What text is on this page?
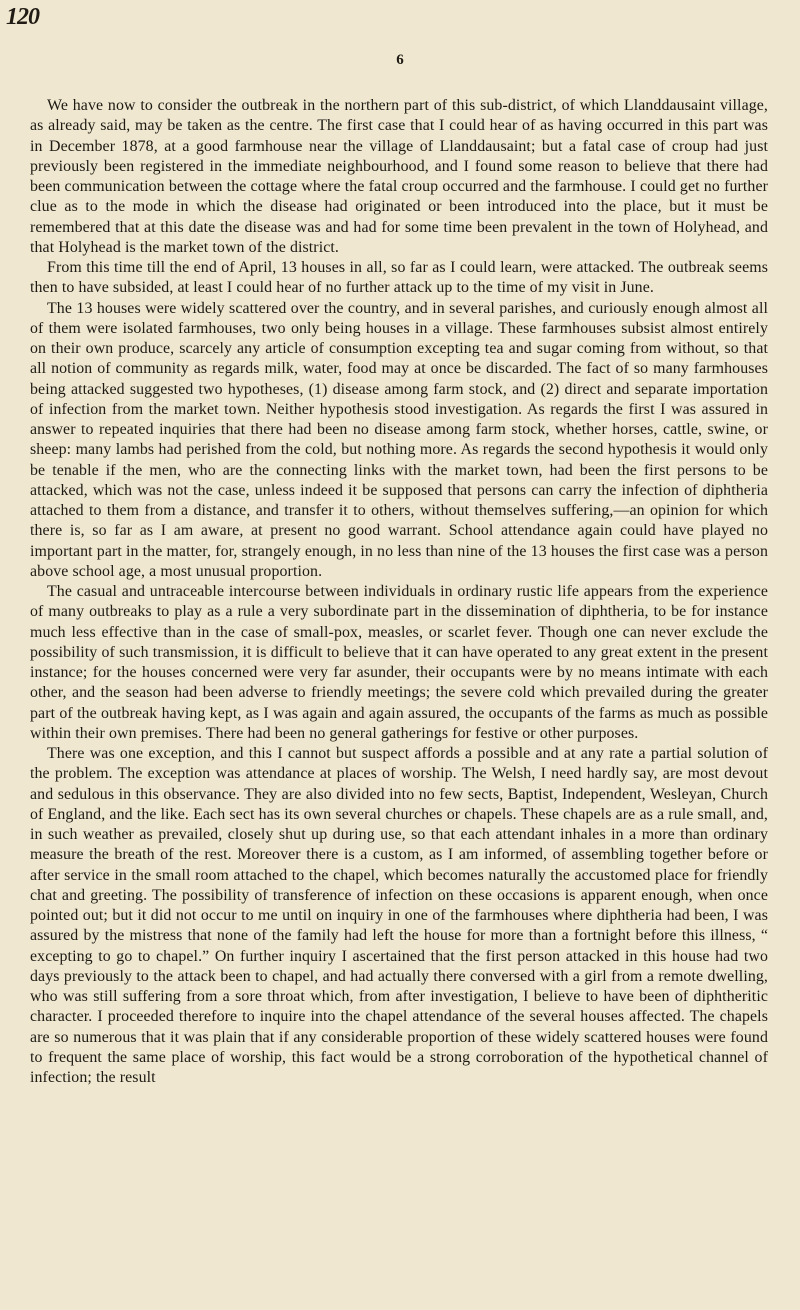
120
6

We have now to consider the outbreak in the northern part of this sub-district, of which Llanddausaint village, as already said, may be taken as the centre. The first case that I could hear of as having occurred in this part was in December 1878, at a good farmhouse near the village of Llanddausaint; but a fatal case of croup had just previously been registered in the immediate neighbourhood, and I found some reason to believe that there had been communication between the cottage where the fatal croup occurred and the farmhouse. I could get no further clue as to the mode in which the disease had originated or been introduced into the place, but it must be remembered that at this date the disease was and had for some time been prevalent in the town of Holyhead, and that Holyhead is the market town of the district.

From this time till the end of April, 13 houses in all, so far as I could learn, were attacked. The outbreak seems then to have subsided, at least I could hear of no further attack up to the time of my visit in June.

The 13 houses were widely scattered over the country, and in several parishes, and curiously enough almost all of them were isolated farmhouses, two only being houses in a village. These farmhouses subsist almost entirely on their own produce, scarcely any article of consumption excepting tea and sugar coming from without, so that all notion of community as regards milk, water, food may at once be discarded. The fact of so many farmhouses being attacked suggested two hypotheses, (1) disease among farm stock, and (2) direct and separate importation of infection from the market town. Neither hypothesis stood investigation. As regards the first I was assured in answer to repeated inquiries that there had been no disease among farm stock, whether horses, cattle, swine, or sheep: many lambs had perished from the cold, but nothing more. As regards the second hypothesis it would only be tenable if the men, who are the connecting links with the market town, had been the first persons to be attacked, which was not the case, unless indeed it be supposed that persons can carry the infection of diphtheria attached to them from a distance, and transfer it to others, without themselves suffering,—an opinion for which there is, so far as I am aware, at present no good warrant. School attendance again could have played no important part in the matter, for, strangely enough, in no less than nine of the 13 houses the first case was a person above school age, a most unusual proportion.

The casual and untraceable intercourse between individuals in ordinary rustic life appears from the experience of many outbreaks to play as a rule a very subordinate part in the dissemination of diphtheria, to be for instance much less effective than in the case of small-pox, measles, or scarlet fever. Though one can never exclude the possibility of such transmission, it is difficult to believe that it can have operated to any great extent in the present instance; for the houses concerned were very far asunder, their occupants were by no means intimate with each other, and the season had been adverse to friendly meetings; the severe cold which prevailed during the greater part of the outbreak having kept, as I was again and again assured, the occupants of the farms as much as possible within their own premises. There had been no general gatherings for festive or other purposes.

There was one exception, and this I cannot but suspect affords a possible and at any rate a partial solution of the problem. The exception was attendance at places of worship. The Welsh, I need hardly say, are most devout and sedulous in this observance. They are also divided into no few sects, Baptist, Independent, Wesleyan, Church of England, and the like. Each sect has its own several churches or chapels. These chapels are as a rule small, and, in such weather as prevailed, closely shut up during use, so that each attendant inhales in a more than ordinary measure the breath of the rest. Moreover there is a custom, as I am informed, of assembling together before or after service in the small room attached to the chapel, which becomes naturally the accustomed place for friendly chat and greeting. The possibility of transference of infection on these occasions is apparent enough, when once pointed out; but it did not occur to me until on inquiry in one of the farmhouses where diphtheria had been, I was assured by the mistress that none of the family had left the house for more than a fortnight before this illness, “ excepting to go to chapel.” On further inquiry I ascertained that the first person attacked in this house had two days previously to the attack been to chapel, and had actually there conversed with a girl from a remote dwelling, who was still suffering from a sore throat which, from after investigation, I believe to have been of diphtheritic character. I proceeded therefore to inquire into the chapel attendance of the several houses affected. The chapels are so numerous that it was plain that if any considerable proportion of these widely scattered houses were found to frequent the same place of worship, this fact would be a strong corroboration of the hypothetical channel of infection; the result
